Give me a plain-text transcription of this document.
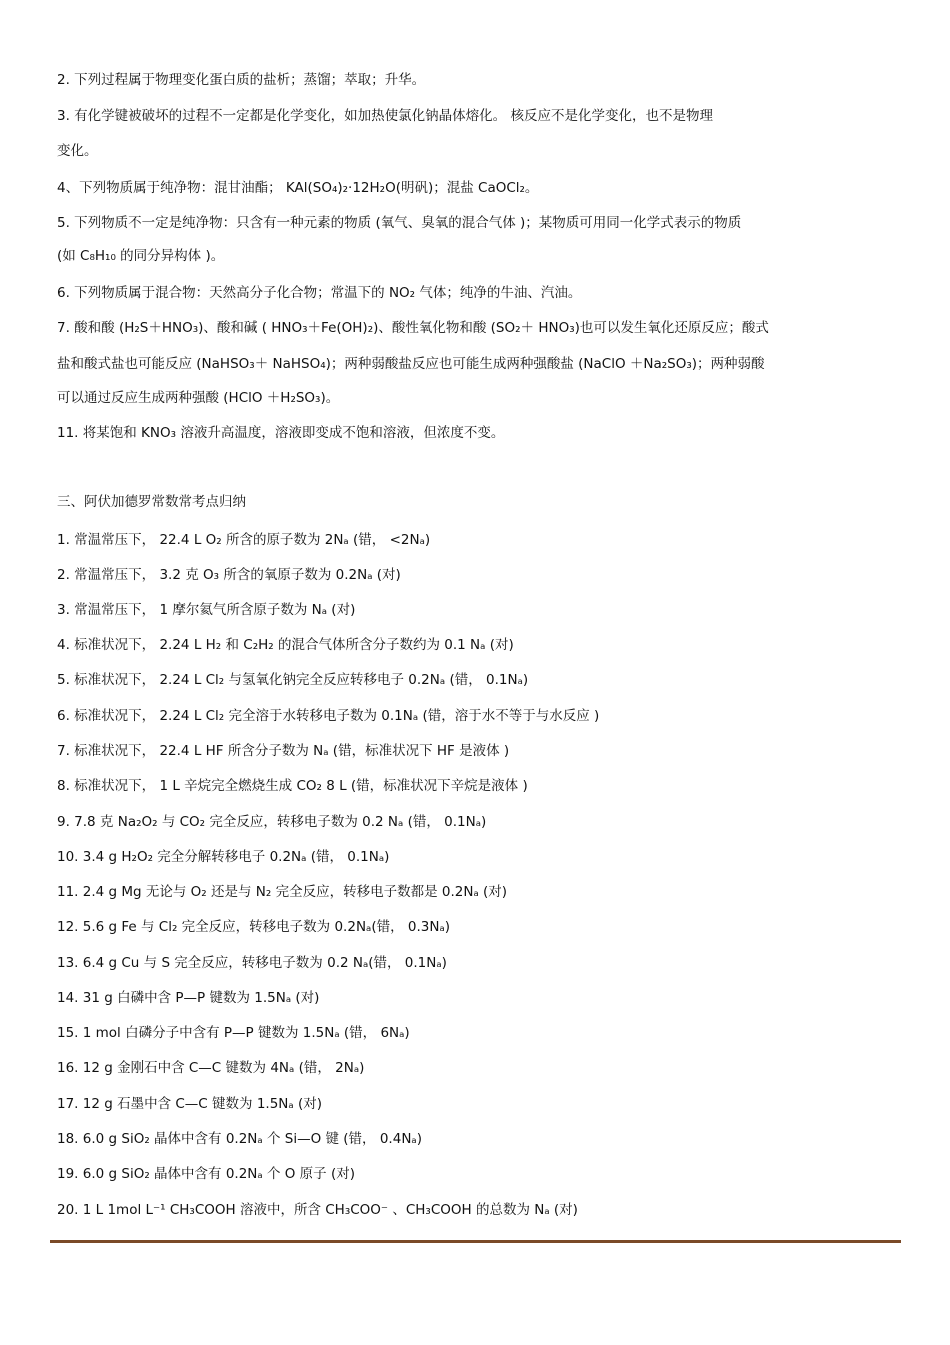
2. 下列过程属于物理变化蛋白质的盐析；蒸馏；萃取；升华。
3. 有化学键被破坏的过程不一定都是化学变化，如加热使氯化钠晶体熔化。 核反应不是化学变化，也不是物理
变化。
4、下列物质属于纯净物：混甘油酯； KAl(SO₄)₂·12H₂O(明矾)；混盐 CaOCl₂。
5. 下列物质不一定是纯净物：只含有一种元素的物质 (氧气、臭氧的混合气体 )；某物质可用同一化学式表示的物质
(如 C₈H₁₀ 的同分异构体 )。
6. 下列物质属于混合物：天然高分子化合物；常温下的 NO₂ 气体；纯净的牛油、汽油。
7. 酸和酸 (H₂S＋HNO₃)、酸和碱 ( HNO₃＋Fe(OH)₂)、酸性氧化物和酸 (SO₂＋ HNO₃)也可以发生氧化还原反应；酸式
盐和酸式盐也可能反应 (NaHSO₃＋ NaHSO₄)；两种弱酸盐反应也可能生成两种强酸盐 (NaClO ＋Na₂SO₃)；两种弱酸
可以通过反应生成两种强酸 (HClO ＋H₂SO₃)。
11. 将某饱和 KNO₃ 溶液升高温度，溶液即变成不饱和溶液，但浓度不变。
三、阿伏加德罗常数常考点归纳
1. 常温常压下， 22.4 L O₂ 所含的原子数为 2Nₐ (错， <2Nₐ)
2. 常温常压下， 3.2 克 O₃ 所含的氧原子数为 0.2Nₐ (对)
3. 常温常压下， 1 摩尔氦气所含原子数为 Nₐ (对)
4. 标准状况下， 2.24 L H₂ 和 C₂H₂ 的混合气体所含分子数约为 0.1 Nₐ (对)
5. 标准状况下， 2.24 L Cl₂ 与氢氧化钠完全反应转移电子 0.2Nₐ (错， 0.1Nₐ)
6. 标准状况下， 2.24 L Cl₂ 完全溶于水转移电子数为 0.1Nₐ (错，溶于水不等于与水反应 )
7. 标准状况下， 22.4 L HF 所含分子数为 Nₐ (错，标准状况下 HF 是液体 )
8. 标准状况下， 1 L 辛烷完全燃烧生成 CO₂ 8 L (错，标准状况下辛烷是液体 )
9. 7.8 克 Na₂O₂ 与 CO₂ 完全反应，转移电子数为 0.2 Nₐ (错， 0.1Nₐ)
10. 3.4 g H₂O₂ 完全分解转移电子 0.2Nₐ (错， 0.1Nₐ)
11. 2.4 g Mg 无论与 O₂ 还是与 N₂ 完全反应，转移电子数都是 0.2Nₐ (对)
12. 5.6 g Fe 与 Cl₂ 完全反应，转移电子数为 0.2Nₐ(错， 0.3Nₐ)
13. 6.4 g Cu 与 S 完全反应，转移电子数为 0.2 Nₐ(错， 0.1Nₐ)
14. 31 g 白磷中含 P—P 键数为 1.5Nₐ (对)
15. 1 mol 白磷分子中含有 P—P 键数为 1.5Nₐ (错， 6Nₐ)
16. 12 g 金刚石中含 C—C 键数为 4Nₐ (错， 2Nₐ)
17. 12 g 石墨中含 C—C 键数为 1.5Nₐ (对)
18. 6.0 g SiO₂ 晶体中含有 0.2Nₐ 个 Si—O 键 (错， 0.4Nₐ)
19. 6.0 g SiO₂ 晶体中含有 0.2Nₐ 个 O 原子 (对)
20. 1 L 1mol L⁻¹ CH₃COOH 溶液中，所含 CH₃COO⁻ 、CH₃COOH 的总数为 Nₐ (对)
